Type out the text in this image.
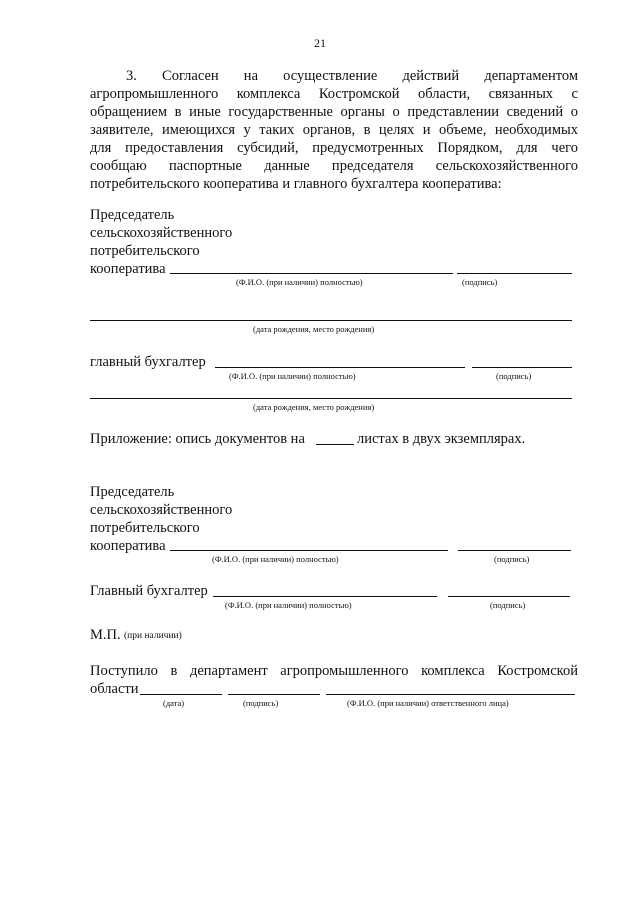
21
3. Согласен на осуществление действий департаментом
агропромышленного комплекса Костромской области, связанных с
обращением в иные государственные органы о представлении сведений о
заявителе, имеющихся у таких органов, в целях и объеме, необходимых
для предоставления субсидий, предусмотренных Порядком, для чего
сообщаю паспортные данные председателя сельскохозяйственного
потребительского кооператива и главного бухгалтера кооператива:
Председатель
сельскохозяйственного
потребительского
кооператива
(Ф.И.О. (при наличии) полностью)	(подпись)
(дата рождения, место рождения)
главный бухгалтер
(Ф.И.О. (при наличии) полностью)	(подпись)
(дата рождения, место рождения)
Приложение: опись документов на	листах в двух экземплярах.
Председатель
сельскохозяйственного
потребительского
кооператива
(Ф.И.О. (при наличии) полностью)	(подпись)
Главный бухгалтер
(Ф.И.О. (при наличии) полностью)	(подпись)
М.П. (при наличии)
Поступило в департамент агропромышленного комплекса Костромской
области
(дата)	(подпись)	(Ф.И.О. (при наличии) ответственного лица)
